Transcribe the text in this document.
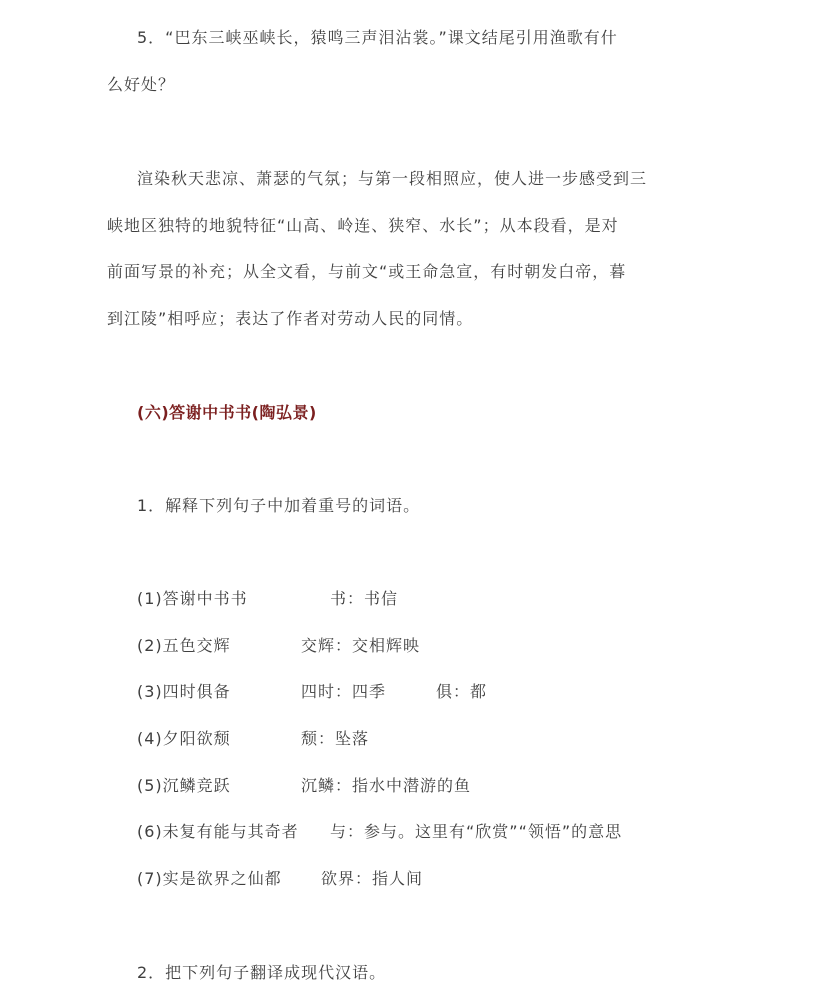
5．“巴东三峡巫峡长，猿鸣三声泪沾裳。”课文结尾引用渔歌有什
么好处？
渲染秋天悲凉、萧瑟的气氛；与第一段相照应，使人进一步感受到三
峡地区独特的地貌特征“山高、岭连、狭窄、水长”；从本段看，是对
前面写景的补充；从全文看，与前文“或王命急宣，有时朝发白帝，暮
到江陵”相呼应；表达了作者对劳动人民的同情。
(六)答谢中书书(陶弘景)
1．解释下列句子中加着重号的词语。
(1)答谢中书书	书：书信
(2)五色交辉	交辉：交相辉映
(3)四时俱备	四时：四季	俱：都
(4)夕阳欲颓	颓：坠落
(5)沉鳞竞跃	沉鳞：指水中潜游的鱼
(6)未复有能与其奇者 与：参与。这里有“欣赏”“领悟”的意思
(7)实是欲界之仙都 欲界：指人间
2．把下列句子翻译成现代汉语。
